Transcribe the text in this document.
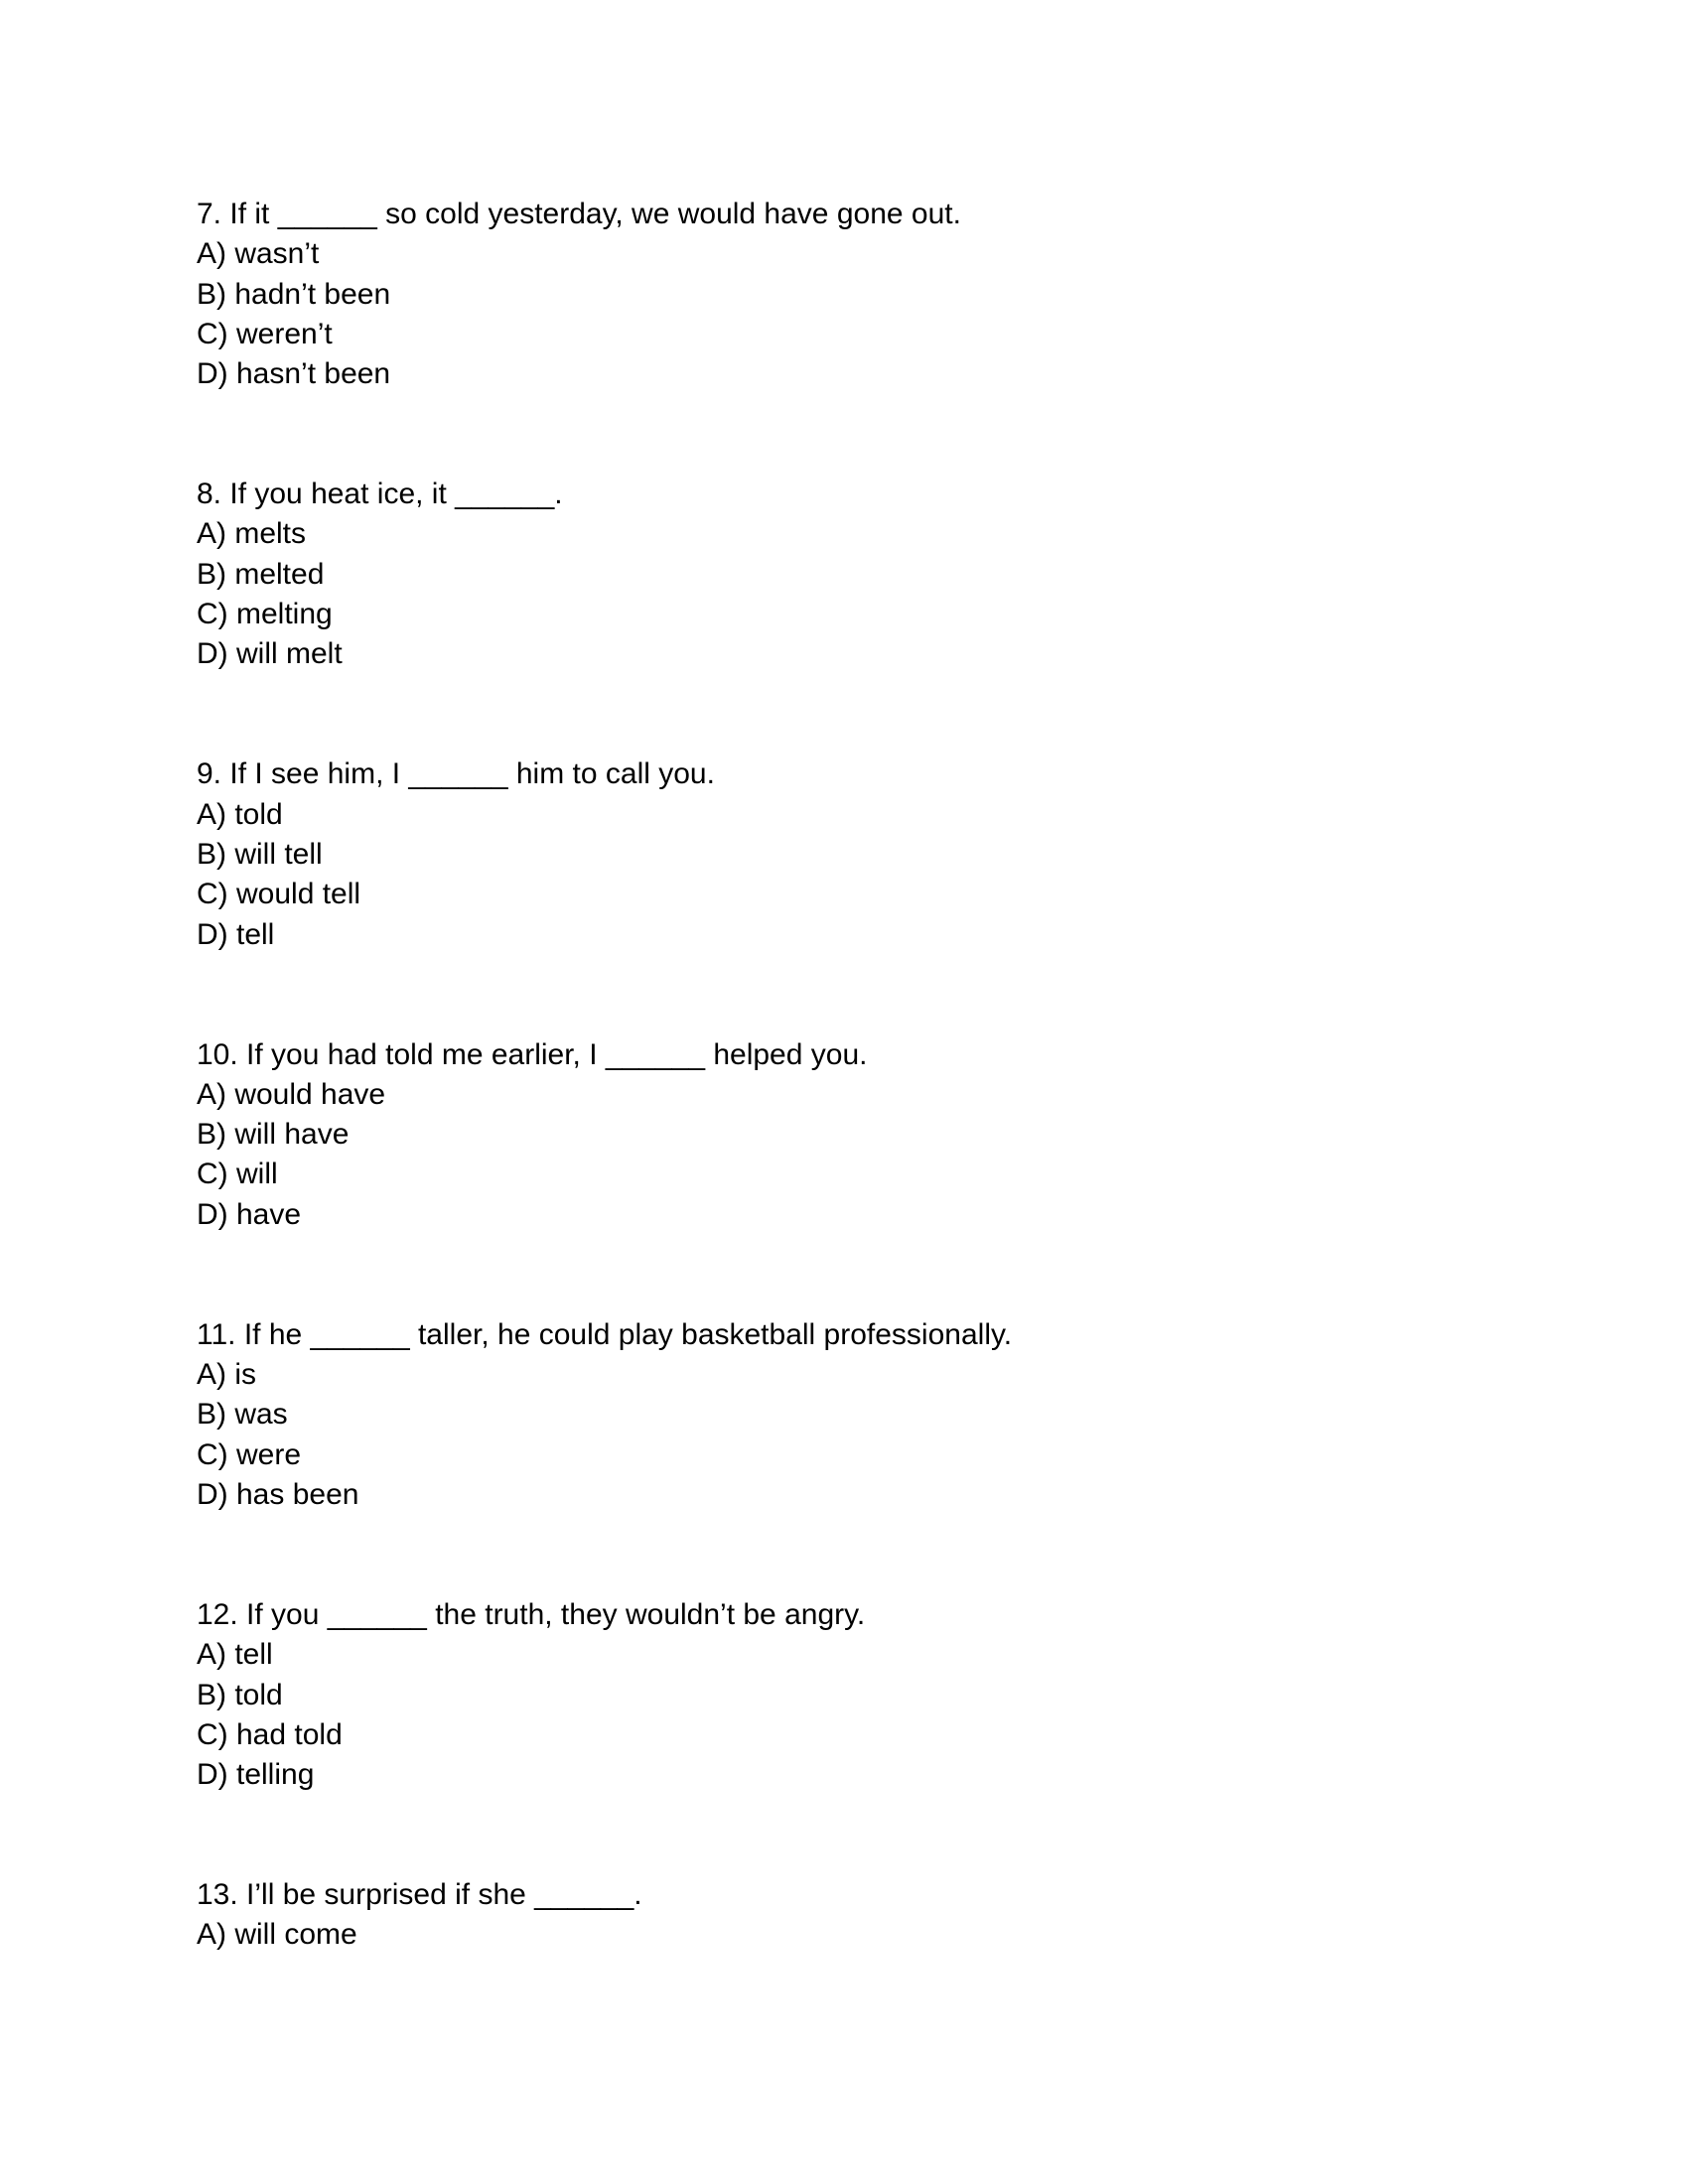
7. If it ______ so cold yesterday, we would have gone out.

A) wasn’t

B) hadn’t been

C) weren’t

D) hasn’t been

8. If you heat ice, it ______.

A) melts

B) melted

C) melting

D) will melt

9. If I see him, I ______ him to call you.

A) told

B) will tell

C) would tell

D) tell

10. If you had told me earlier, I ______ helped you.

A) would have

B) will have

C) will

D) have

11. If he ______ taller, he could play basketball professionally.

A) is

B) was

C) were

D) has been

12. If you ______ the truth, they wouldn’t be angry.

A) tell

B) told

C) had told

D) telling

13. I’ll be surprised if she ______.

A) will come
